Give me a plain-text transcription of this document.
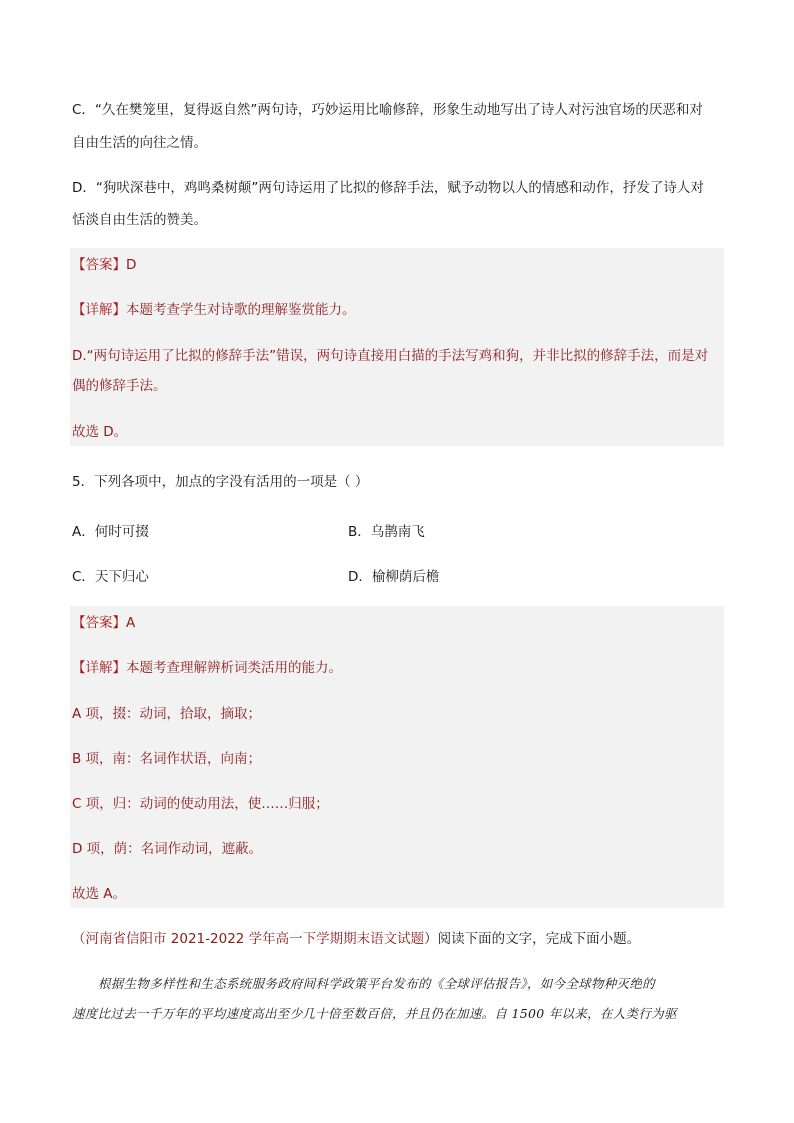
C．“久在樊笼里，复得返自然”两句诗，巧妙运用比喻修辞，形象生动地写出了诗人对污浊官场的厌恶和对
自由生活的向往之情。
D．“狗吠深巷中，鸡鸣桑树颠”两句诗运用了比拟的修辞手法，赋予动物以人的情感和动作，抒发了诗人对
恬淡自由生活的赞美。
【答案】D
【详解】本题考查学生对诗歌的理解鉴赏能力。
D.“两句诗运用了比拟的修辞手法”错误，两句诗直接用白描的手法写鸡和狗，并非比拟的修辞手法，而是对
偶的修辞手法。
故选 D。
5．下列各项中，加点的字没有活用的一项是（ ）
A．何时可掇	B．乌鹊南飞
C．天下归心	D．榆柳荫后檐
【答案】A
【详解】本题考查理解辨析词类活用的能力。
A 项，掇：动词，拾取，摘取；
B 项，南：名词作状语，向南；
C 项，归：动词的使动用法，使……归服；
D 项，荫：名词作动词，遮蔽。
故选 A。
（河南省信阳市 2021-2022 学年高一下学期期末语文试题）阅读下面的文字，完成下面小题。
根据生物多样性和生态系统服务政府间科学政策平台发布的《全球评估报告》，如今全球物种灭绝的
速度比过去一千万年的平均速度高出至少几十倍至数百倍，并且仍在加速。自 1500 年以来，在人类行为驱
